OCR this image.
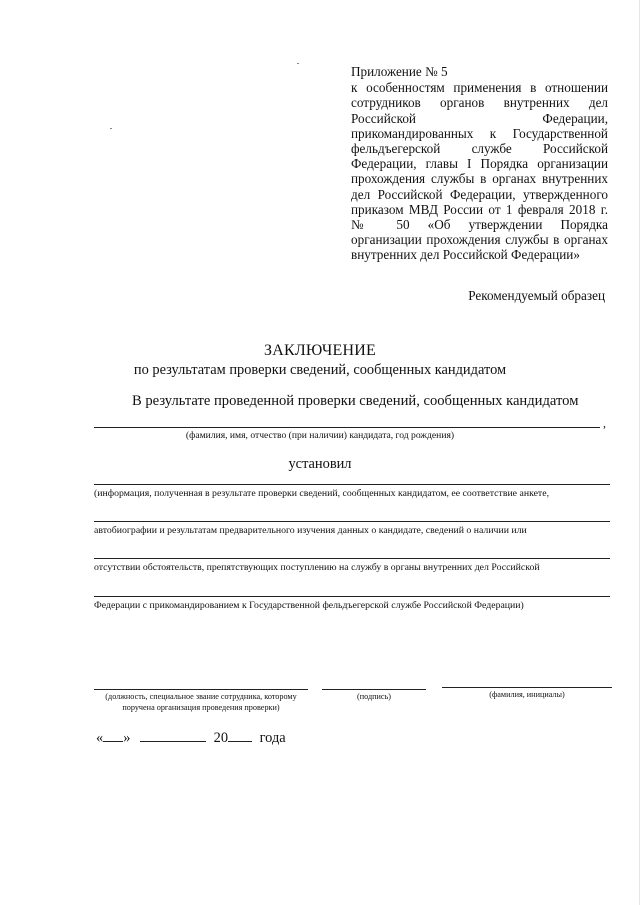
Приложение № 5
к особенностям применения в отношении сотрудников органов внутренних дел Российской Федерации, прикомандированных к Государственной фельдъегерской службе Российской Федерации, главы I Порядка организации прохождения службы в органах внутренних дел Российской Федерации, утвержденного приказом МВД России от 1 февраля 2018 г. № 50 «Об утверждении Порядка организации прохождения службы в органах внутренних дел Российской Федерации»
Рекомендуемый образец
ЗАКЛЮЧЕНИЕ
по результатам проверки сведений, сообщенных кандидатом
В результате проведенной проверки сведений, сообщенных кандидатом
,
(фамилия, имя, отчество (при наличии) кандидата, год рождения)
установил
(информация, полученная в результате проверки сведений, сообщенных кандидатом, ее соответствие анкете,
автобиографии и результатам предварительного изучения данных о кандидате, сведений о наличии или
отсутствии обстоятельств, препятствующих поступлению на службу в органы внутренних дел Российской
Федерации с прикомандированием к Государственной фельдъегерской службе Российской Федерации)
(должность, специальное звание сотрудника, которому поручена организация проведения проверки)
(подпись)	(фамилия, инициалы)
« »	20 года
